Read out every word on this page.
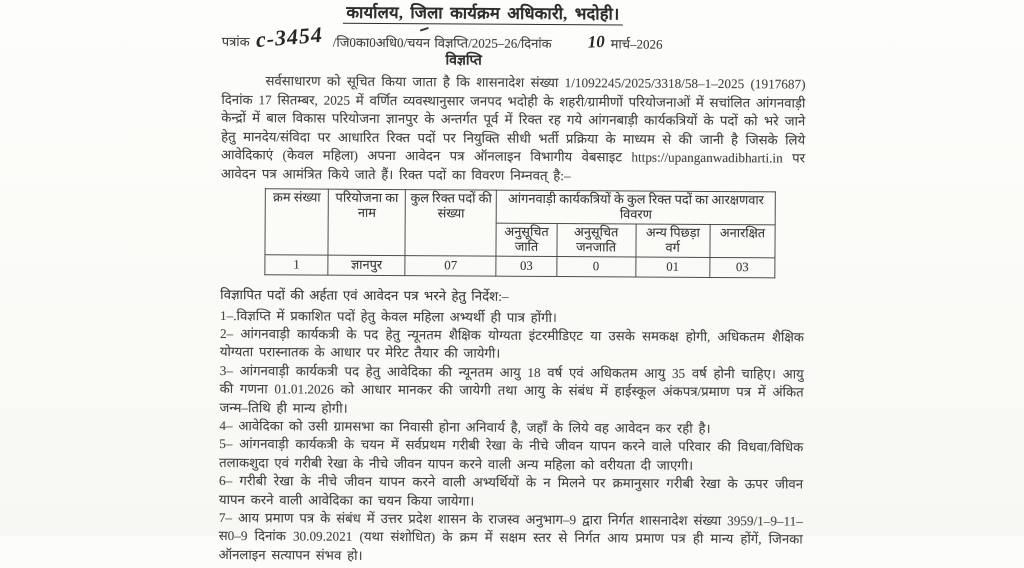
कार्यालय, जिला कार्यक्रम अधिकारी, भदोही।
पत्रांक c-3454 /जि0का0अधि0/चयन विज्ञप्ति/2025–26/दिनांक 10 मार्च–2026
विज्ञप्ति

सर्वसाधारण को सूचित किया जाता है कि शासनादेश संख्या 1/1092245/2025/3318/58–1–2025 (1917687) दिनांक 17 सितम्बर, 2025 में वर्णित व्यवस्थानुसार जनपद भदोही के शहरी/ग्रामीणों परियोजनाओं में सचांलित आंगनवाड़ी केन्द्रों में बाल विकास परियोजना ज्ञानपुर के अन्तर्गत पूर्व में रिक्त रह गये आंगनबाड़ी कार्यकत्रियों के पदों को भरे जाने हेतु मानदेय/संविदा पर आधारित रिक्त पदों पर नियुक्ति सीधी भर्ती प्रक्रिया के माध्यम से की जानी है जिसके लिये आवेदिकाएं (केवल महिला) अपना आवेदन पत्र ऑनलाइन विभागीय वेबसाइट https://upanganwadibharti.in पर आवेदन पत्र आमंत्रित किये जाते हैं। रिक्त पदों का विवरण निम्नवत् है:–

क्रम संख्या	परियोजना का नाम	कुल रिक्त पदों की संख्या	आंगनवाड़ी कार्यकत्रियों के कुल रिक्त पदों का आरक्षणवार विवरण			
			अनुसूचित जाति	अनुसूचित जनजाति	अन्य पिछड़ा वर्ग	अनारक्षित
1	ज्ञानपुर	07	03	0	01	03

विज्ञापित पदों की अर्हता एवं आवेदन पत्र भरने हेतु निर्देश:–

1–.विज्ञप्ति में प्रकाशित पदों हेतु केवल महिला अभ्यर्थी ही पात्र होंगी।

2– आंगनवाड़ी कार्यकत्री के पद हेतु न्यूनतम शैक्षिक योग्यता इंटरमीडिएट या उसके समकक्ष होगी, अधिकतम शैक्षिक योग्यता परास्नातक के आधार पर मेरिट तैयार की जायेगी।

3– आंगनवाड़ी कार्यकत्री पद हेतु आवेदिका की न्यूनतम आयु 18 वर्ष एवं अधिकतम आयु 35 वर्ष होनी चाहिए। आयु की गणना 01.01.2026 को आधार मानकर की जायेगी तथा आयु के संबंध में हाईस्कूल अंकपत्र/प्रमाण पत्र में अंकित जन्म–तिथि ही मान्य होगी।

4– आवेदिका को उसी ग्रामसभा का निवासी होना अनिवार्य है, जहाँ के लिये वह आवेदन कर रही है।

5– आंगनवाड़ी कार्यकत्री के चयन में सर्वप्रथम गरीबी रेखा के नीचे जीवन यापन करने वाले परिवार की विधवा/विधिक तलाकशुदा एवं गरीबी रेखा के नीचे जीवन यापन करने वाली अन्य महिला को वरीयता दी जाएगी।

6– गरीबी रेखा के नीचे जीवन यापन करने वाली अभ्यर्थियों के न मिलने पर क्रमानुसार गरीबी रेखा के ऊपर जीवन यापन करने वाली आवेदिका का चयन किया जायेगा।

7– आय प्रमाण पत्र के संबंध में उत्तर प्रदेश शासन के राजस्व अनुभाग–9 द्वारा निर्गत शासनादेश संख्या 3959/1–9–11–स0–9 दिनांक 30.09.2021 (यथा संशोधित) के क्रम में सक्षम स्तर से निर्गत आय प्रमाण पत्र ही मान्य होंगें, जिनका ऑनलाइन सत्यापन संभव हो।
